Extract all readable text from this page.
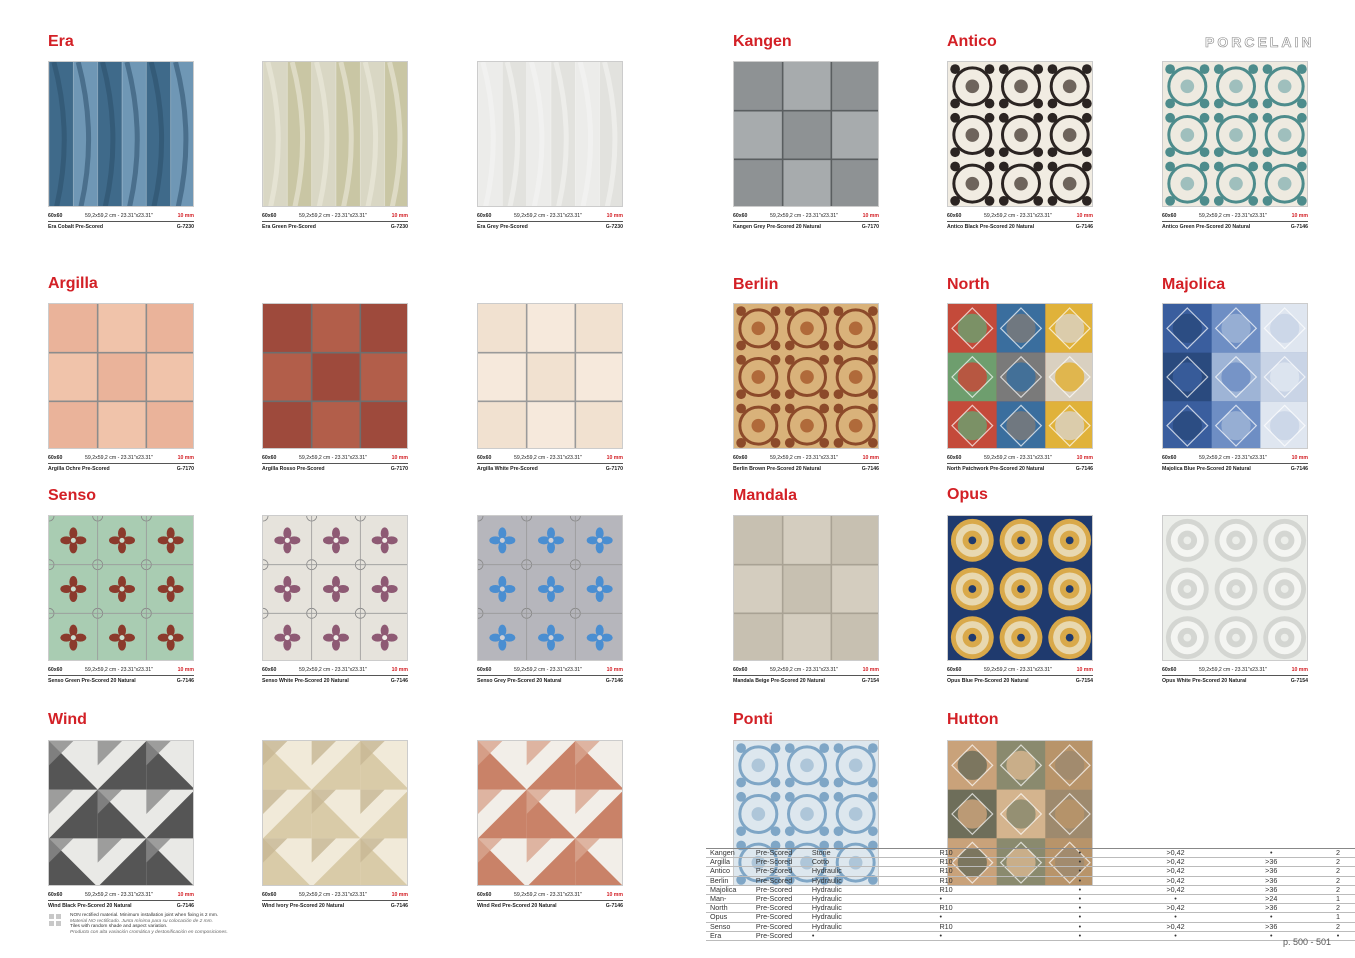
PORCELAIN
Era
Argilla
Senso
Wind
Kangen	Antico
Berlin	North	Majolica
Mandala	Opus
Ponti	Hutton
60x60	59,2x59,2 cm - 23.31"x23.31"	10 mm
Era Cobalt Pre-Scored	G-7230
60x60	59,2x59,2 cm - 23.31"x23.31"	10 mm
Era Green Pre-Scored	G-7230
60x60	59,2x59,2 cm - 23.31"x23.31"	10 mm
Era Grey Pre-Scored	G-7230
60x60	59,2x59,2 cm - 23.31"x23.31"	10 mm
Argilla Ochre Pre-Scored	G-7170
60x60	59,2x59,2 cm - 23.31"x23.31"	10 mm
Argilla Rosso Pre-Scored	G-7170
60x60	59,2x59,2 cm - 23.31"x23.31"	10 mm
Argilla White Pre-Scored	G-7170
60x60	59,2x59,2 cm - 23.31"x23.31"	10 mm
Senso Green Pre-Scored 20 Natural	G-7146
60x60	59,2x59,2 cm - 23.31"x23.31"	10 mm
Senso White Pre-Scored 20 Natural	G-7146
60x60	59,2x59,2 cm - 23.31"x23.31"	10 mm
Senso Grey Pre-Scored 20 Natural	G-7146
60x60	59,2x59,2 cm - 23.31"x23.31"	10 mm
Wind Black Pre-Scored 20 Natural	G-7146
60x60	59,2x59,2 cm - 23.31"x23.31"	10 mm
Wind Ivory Pre-Scored 20 Natural	G-7146
60x60	59,2x59,2 cm - 23.31"x23.31"	10 mm
Wind Red Pre-Scored 20 Natural	G-7146
60x60	59,2x59,2 cm - 23.31"x23.31"	10 mm
Kangen Grey Pre-Scored 20 Natural	G-7170
60x60	59,2x59,2 cm - 23.31"x23.31"	10 mm
Antico Black Pre-Scored 20 Natural	G-7146
60x60	59,2x59,2 cm - 23.31"x23.31"	10 mm
Antico Green Pre-Scored 20 Natural	G-7146
60x60	59,2x59,2 cm - 23.31"x23.31"	10 mm
Berlin Brown Pre-Scored 20 Natural	G-7146
60x60	59,2x59,2 cm - 23.31"x23.31"	10 mm
North Patchwork Pre-Scored 20 Natural	G-7146
60x60	59,2x59,2 cm - 23.31"x23.31"	10 mm
Majolica Blue Pre-Scored 20 Natural	G-7146
60x60	59,2x59,2 cm - 23.31"x23.31"	10 mm
Mandala Beige Pre-Scored 20 Natural	G-7154
60x60	59,2x59,2 cm - 23.31"x23.31"	10 mm
Opus Blue Pre-Scored 20 Natural	G-7154
60x60	59,2x59,2 cm - 23.31"x23.31"	10 mm
Opus White Pre-Scored 20 Natural	G-7154
NON rectified material. Minimum installation joint when fixing is 2 mm.
Material NO rectificado. Junta mínima para su colocación de 2 mm.
Tiles with random shade and aspect variation.
Producto con alta variación cromática y destonificación en composiciones.
Kangen	Pre-Scored	Stone		R10	•	>0,42	•	2
Argilla	Pre-Scored	Cotto		R10	•	>0,42	>36	2
Antico	Pre-Scored	Hydraulic		R10	•	>0,42	>36	2
Berlin	Pre-Scored	Hydraulic		R10	•	>0,42	>36	2
Majolica	Pre-Scored	Hydraulic		R10	•	>0,42	>36	2
Man-	Pre-Scored	Hydraulic		•	•	•	>24	1
North	Pre-Scored	Hydraulic		R10	•	>0,42	>36	2
Opus	Pre-Scored	Hydraulic		•	•	•	•	1
Senso	Pre-Scored	Hydraulic		R10	•	>0,42	>36	2
Era	Pre-Scored	•		•	•	•	•	•
p. 500 - 501
